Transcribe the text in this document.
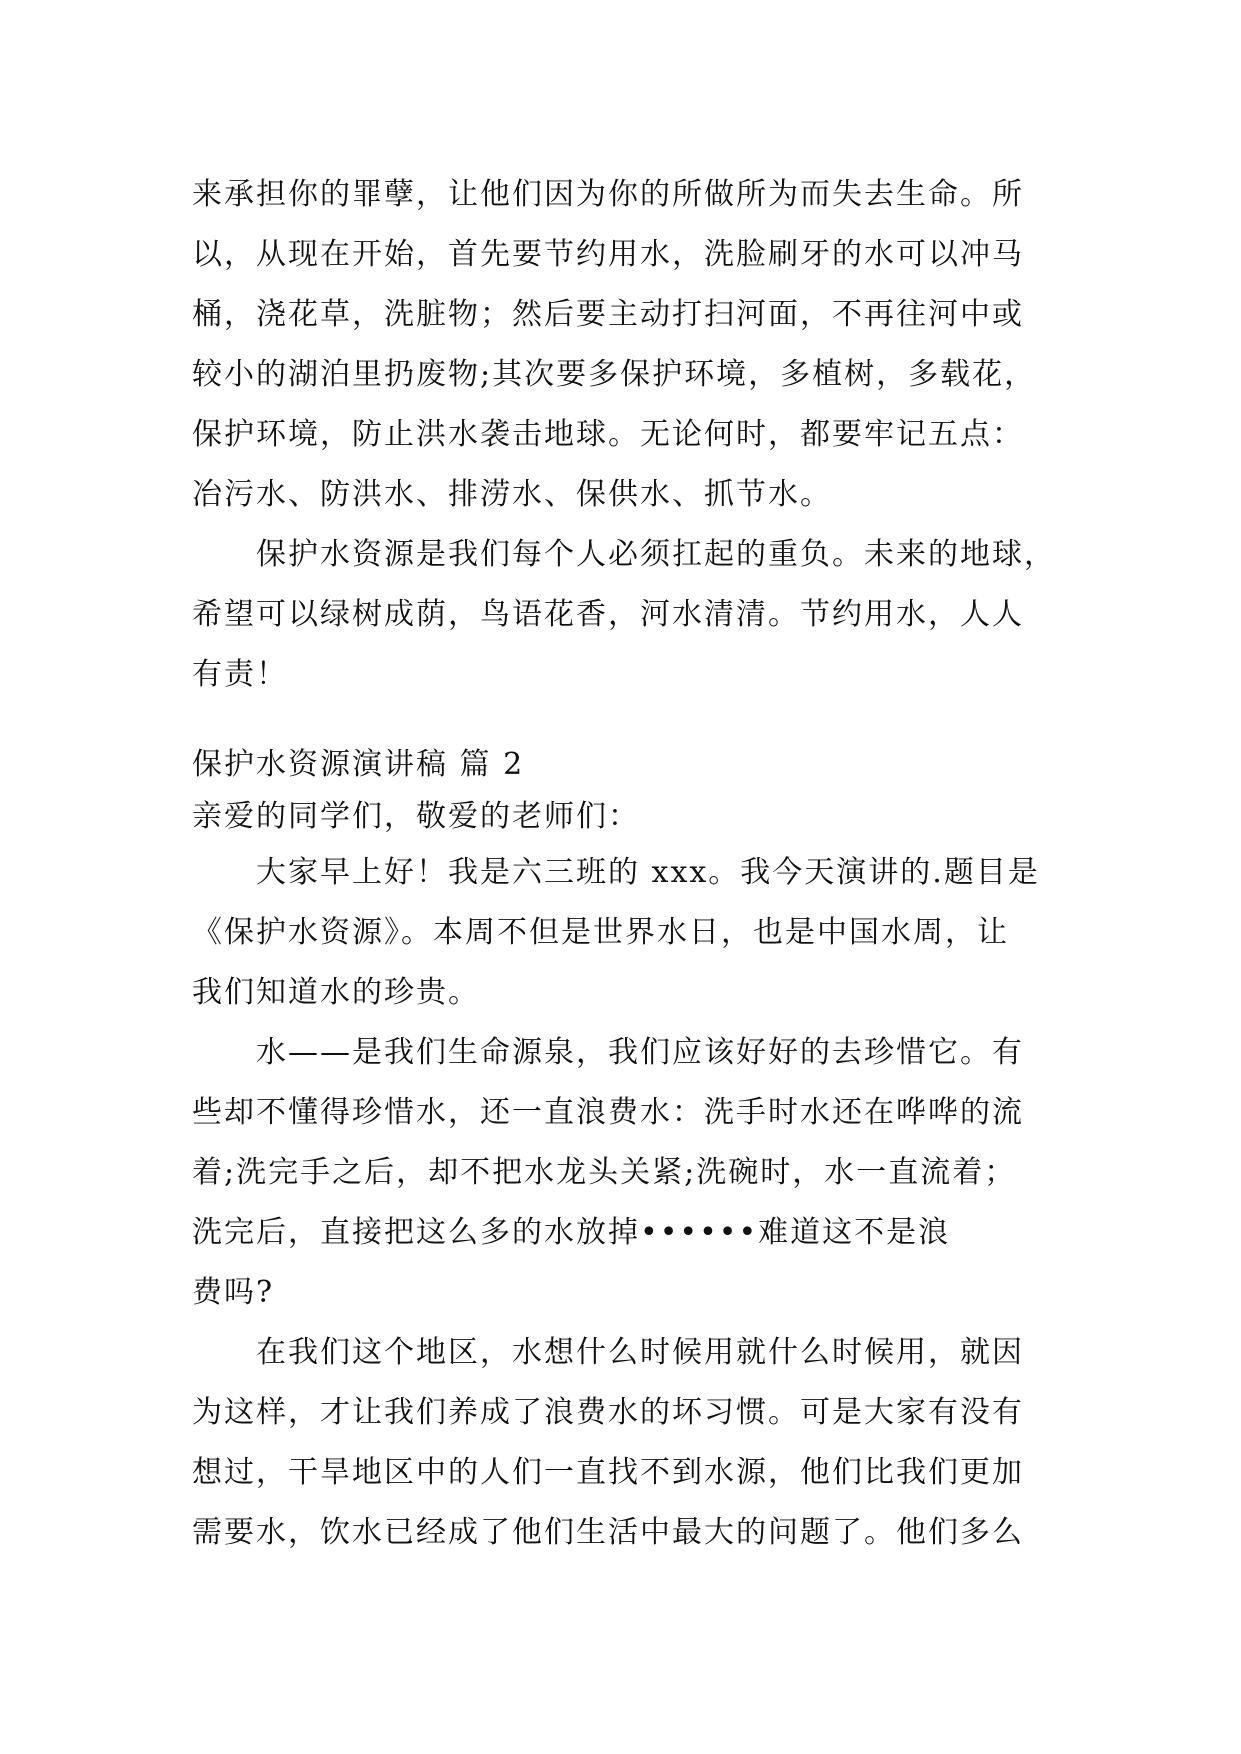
来承担你的罪孽，让他们因为你的所做所为而失去生命。所
以，从现在开始，首先要节约用水，洗脸刷牙的水可以冲马
桶，浇花草，洗脏物；然后要主动打扫河面，不再往河中或
较小的湖泊里扔废物;其次要多保护环境，多植树，多载花，
保护环境，防止洪水袭击地球。无论何时，都要牢记五点：
冶污水、防洪水、排涝水、保供水、抓节水。
保护水资源是我们每个人必须扛起的重负。未来的地球，
希望可以绿树成荫，鸟语花香，河水清清。节约用水，人人
有责！
保护水资源演讲稿 篇 2
亲爱的同学们，敬爱的老师们：
大家早上好！我是六三班的 xxx。我今天演讲的.题目是
《保护水资源》。本周不但是世界水日，也是中国水周，让
我们知道水的珍贵。
水——是我们生命源泉，我们应该好好的去珍惜它。有
些却不懂得珍惜水，还一直浪费水：洗手时水还在哗哗的流
着;洗完手之后，却不把水龙头关紧;洗碗时，水一直流着；
洗完后，直接把这么多的水放掉••••••难道这不是浪
费吗?
在我们这个地区，水想什么时候用就什么时候用，就因
为这样，才让我们养成了浪费水的坏习惯。可是大家有没有
想过，干旱地区中的人们一直找不到水源，他们比我们更加
需要水，饮水已经成了他们生活中最大的问题了。他们多么
